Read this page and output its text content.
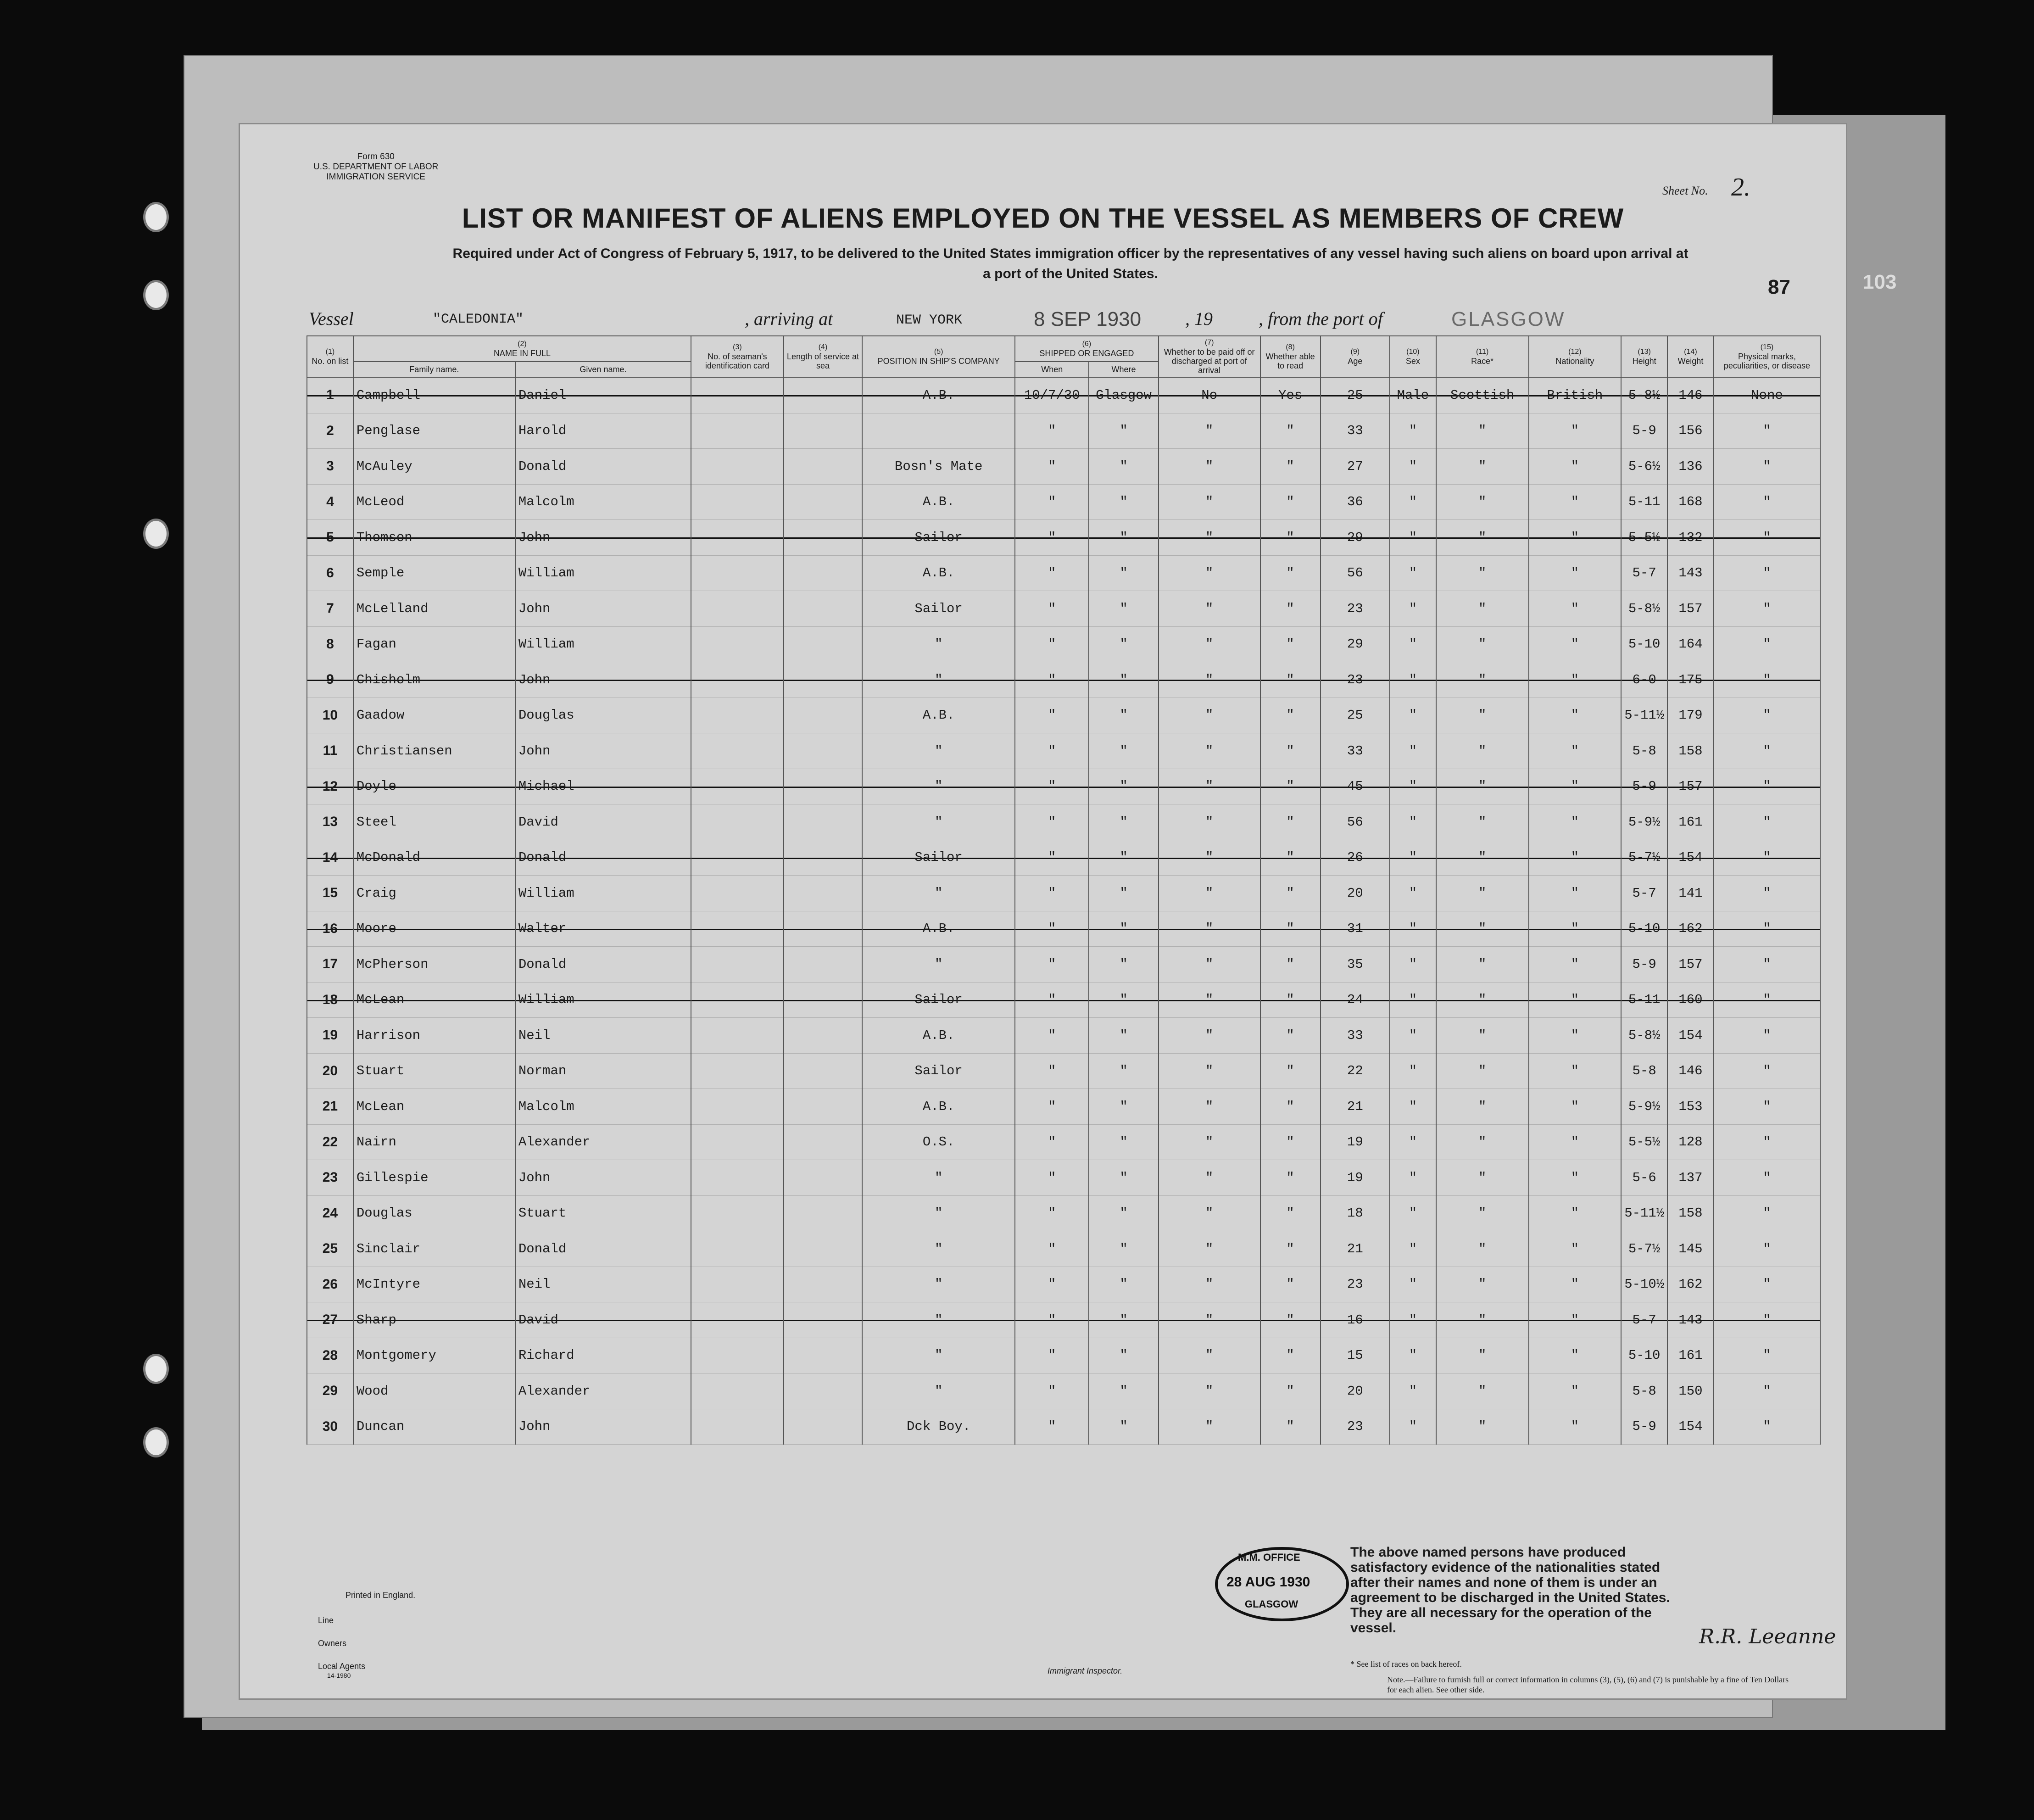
Form 630
U.S. DEPARTMENT OF LABOR
IMMIGRATION SERVICE
Sheet No. 2.
LIST OR MANIFEST OF ALIENS EMPLOYED ON THE VESSEL AS MEMBERS OF CREW
Required under Act of Congress of February 5, 1917, to be delivered to the United States immigration officer by the representatives of any vessel having such aliens on board upon arrival at a port of the United States.
87
Vessel	"CALEDONIA"	, arriving at	NEW YORK	8 SEP 1930 , 19	, from the port of	GLASGOW
(1)
No. on list	(2)
NAME IN FULL		(3)
No. of seaman's identification card	(4)
Length of service at sea	(5)
POSITION IN SHIP'S COMPANY	(6)
SHIPPED OR ENGAGED		(7)
Whether to be paid off or discharged at port of arrival	(8)
Whether able to read	(9)
Age	(10)
Sex	(11)
Race*	(12)
Nationality	(13)
Height	(14)
Weight	(15)
Physical marks, peculiarities, or disease
	Family name.	Given name.				When	Where									
1	Campbell	Daniel			A.B.	10/7/30	Glasgow	No	Yes	25	Male	Scottish	British	5-8½	146	None
2	Penglase	Harold				"	"	"	"	33	"	"	"	5-9	156	"
3	McAuley	Donald			Bosn's Mate	"	"	"	"	27	"	"	"	5-6½	136	"
4	McLeod	Malcolm			A.B.	"	"	"	"	36	"	"	"	5-11	168	"
5	Thomson	John			Sailor	"	"	"	"	29	"	"	"	5-5½	132	"
6	Semple	William			A.B.	"	"	"	"	56	"	"	"	5-7	143	"
7	McLelland	John			Sailor	"	"	"	"	23	"	"	"	5-8½	157	"
8	Fagan	William			"	"	"	"	"	29	"	"	"	5-10	164	"
9	Chisholm	John			"	"	"	"	"	23	"	"	"	6-0	175	"
10	Gaadow	Douglas			A.B.	"	"	"	"	25	"	"	"	5-11½	179	"
11	Christiansen	John			"	"	"	"	"	33	"	"	"	5-8	158	"
12	Doyle	Michael			"	"	"	"	"	45	"	"	"	5-9	157	"
13	Steel	David			"	"	"	"	"	56	"	"	"	5-9½	161	"
14	McDonald	Donald			Sailor	"	"	"	"	26	"	"	"	5-7½	154	"
15	Craig	William			"	"	"	"	"	20	"	"	"	5-7	141	"
16	Moore	Walter			A.B.	"	"	"	"	31	"	"	"	5-10	162	"
17	McPherson	Donald			"	"	"	"	"	35	"	"	"	5-9	157	"
18	McLean	William			Sailor	"	"	"	"	24	"	"	"	5-11	160	"
19	Harrison	Neil			A.B.	"	"	"	"	33	"	"	"	5-8½	154	"
20	Stuart	Norman			Sailor	"	"	"	"	22	"	"	"	5-8	146	"
21	McLean	Malcolm			A.B.	"	"	"	"	21	"	"	"	5-9½	153	"
22	Nairn	Alexander			O.S.	"	"	"	"	19	"	"	"	5-5½	128	"
23	Gillespie	John			"	"	"	"	"	19	"	"	"	5-6	137	"
24	Douglas	Stuart			"	"	"	"	"	18	"	"	"	5-11½	158	"
25	Sinclair	Donald			"	"	"	"	"	21	"	"	"	5-7½	145	"
26	McIntyre	Neil			"	"	"	"	"	23	"	"	"	5-10½	162	"
27	Sharp	David			"	"	"	"	"	16	"	"	"	5-7	143	"
28	Montgomery	Richard			"	"	"	"	"	15	"	"	"	5-10	161	"
29	Wood	Alexander			"	"	"	"	"	20	"	"	"	5-8	150	"
30	Duncan	John			Dck Boy.	"	"	"	"	23	"	"	"	5-9	154	"
Printed in England.
Line
Owners
Local Agents
14-1980	Immigrant Inspector.
M.M. OFFICE
28 AUG 1930
GLASGOW
The above named persons have produced satisfactory evidence of the nationalities stated after their names and none of them is under an agreement to be discharged in the United States. They are all necessary for the operation of the vessel.	R.R. Leeanne
* See list of races on back hereof.
Note.—Failure to furnish full or correct information in columns (3), (5), (6) and (7) is punishable by a fine of Ten Dollars for each alien. See other side.
103
